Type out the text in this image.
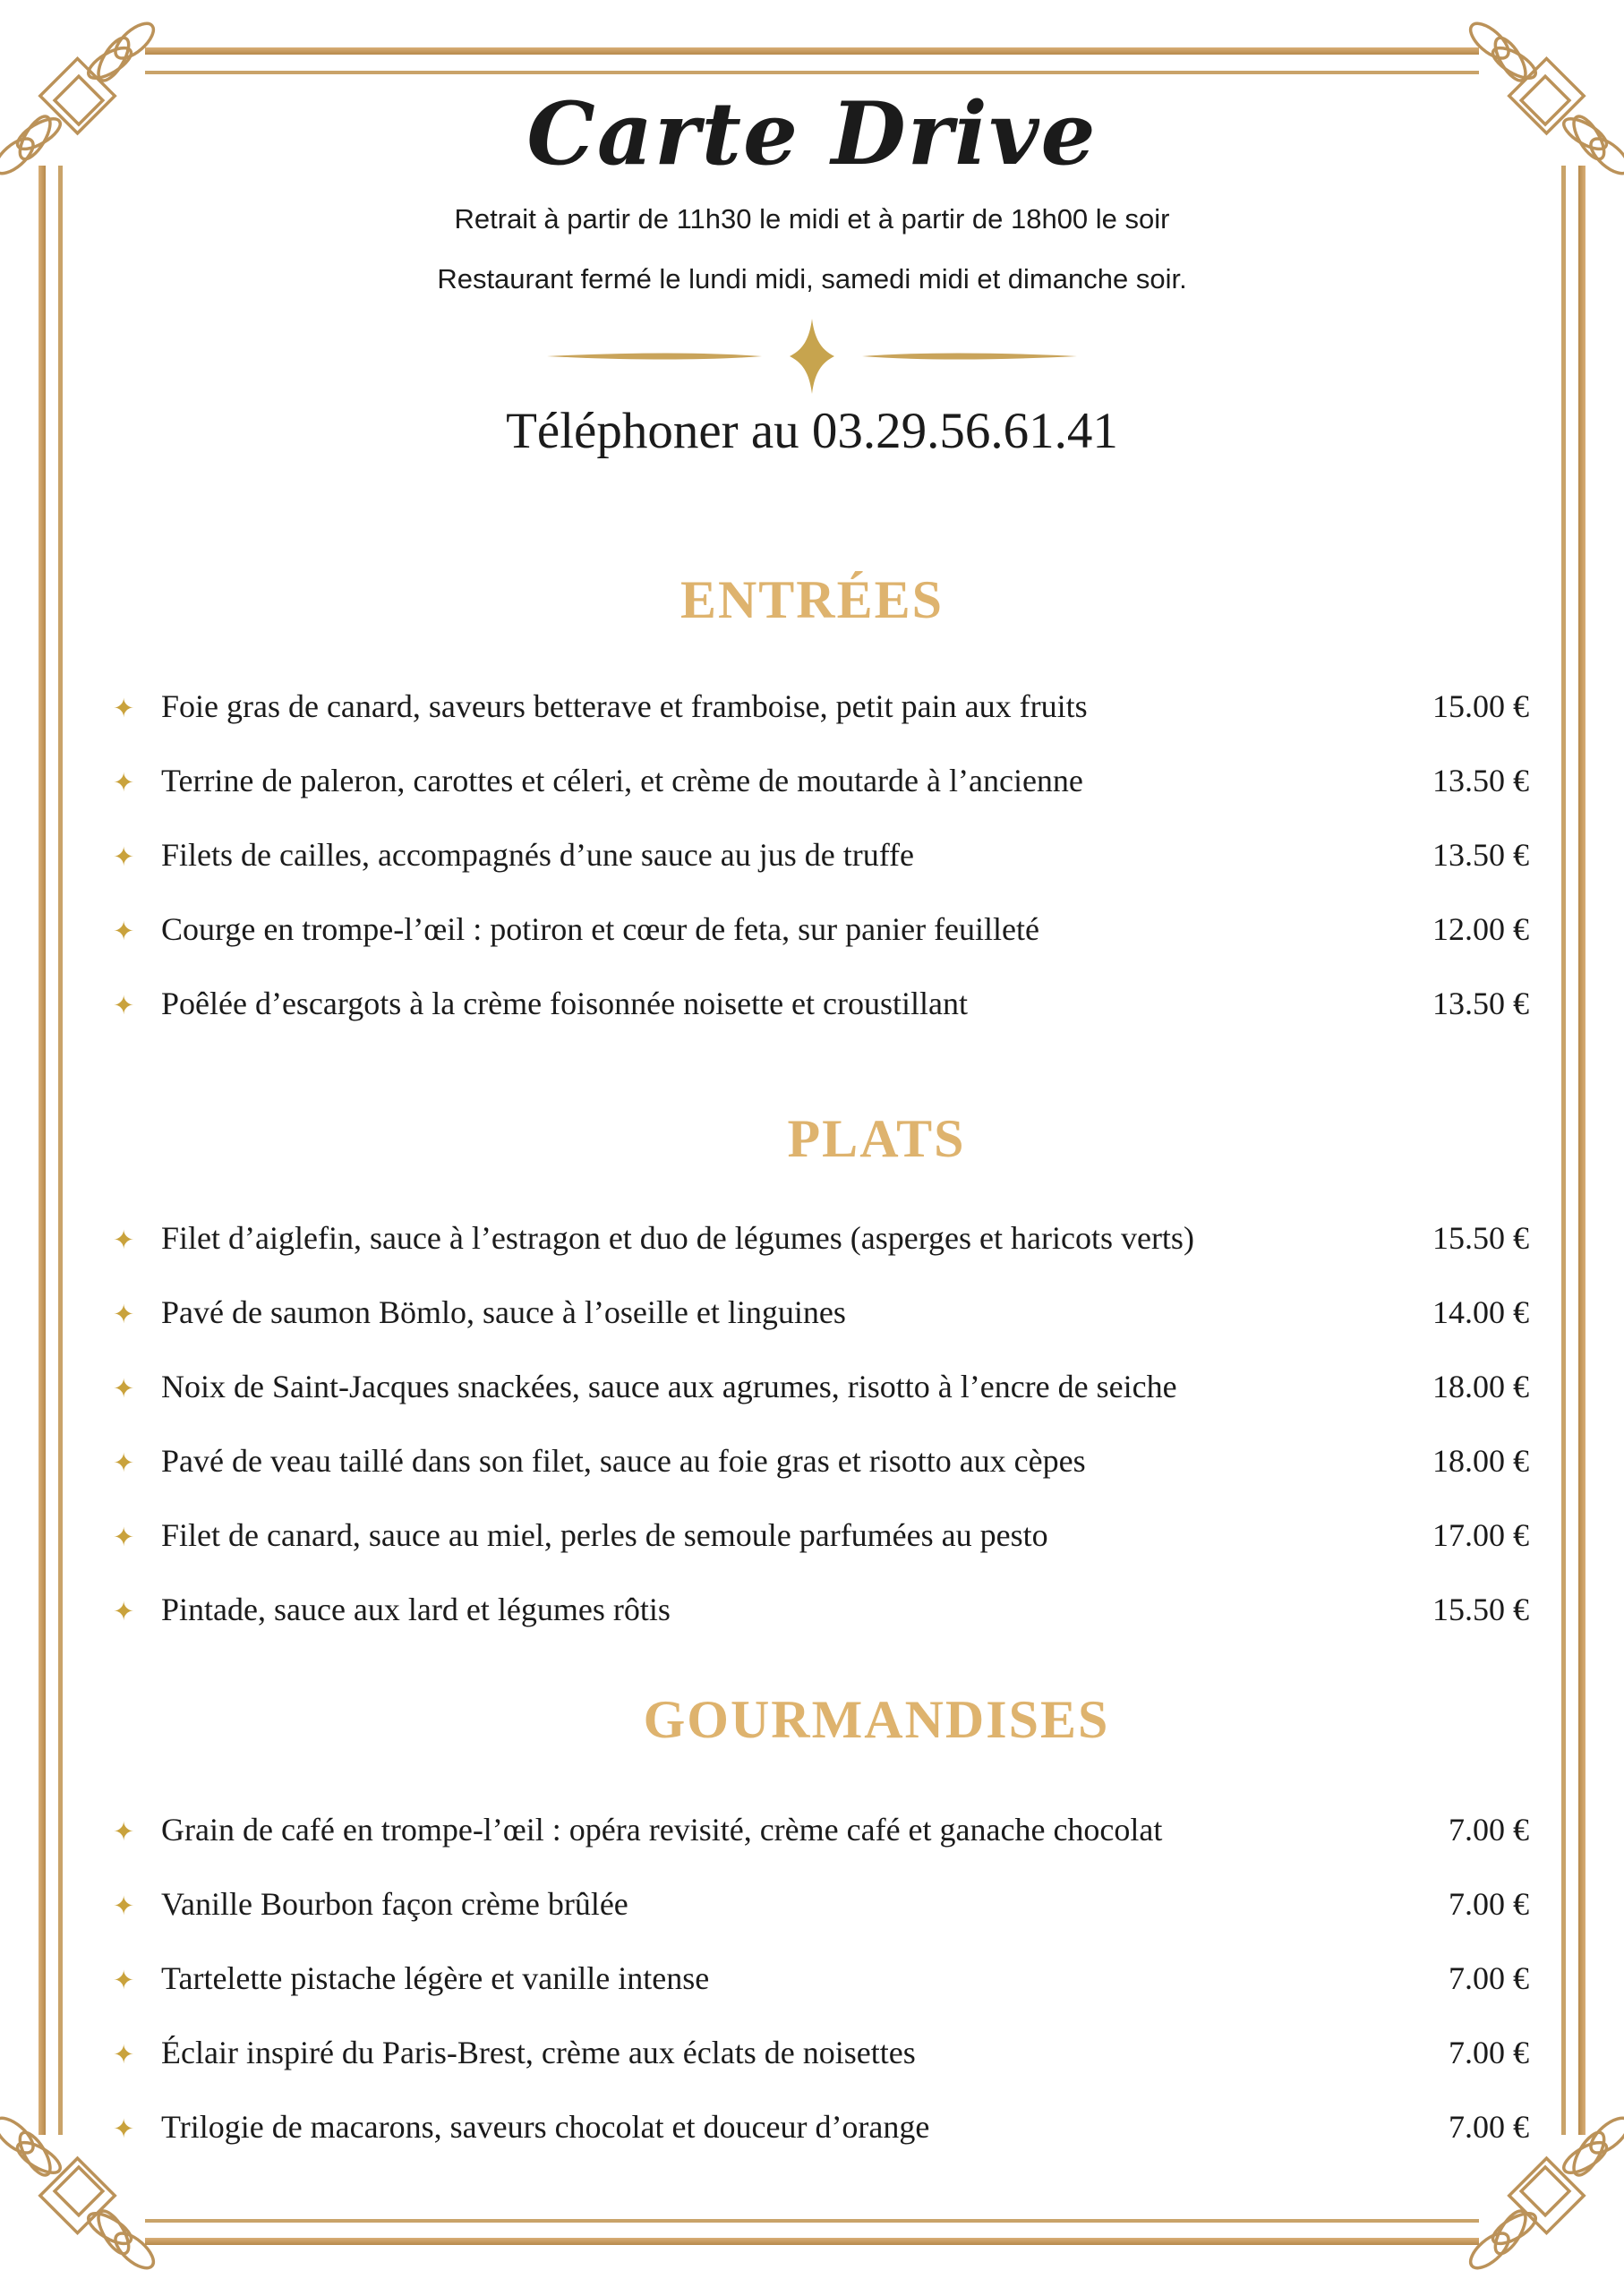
Carte Drive

Retrait à partir de 11h30 le midi et à partir de 18h00 le soir

Restaurant fermé le lundi midi, samedi midi et dimanche soir.

Téléphoner au 03.29.56.61.41
ENTRÉES
✦ Foie gras de canard, saveurs betterave et framboise, petit pain aux fruits	15.00 €
✦ Terrine de paleron, carottes et céleri, et crème de moutarde à l’ancienne	13.50 €
✦ Filets de cailles, accompagnés d’une sauce au jus de truffe	13.50 €
✦ Courge en trompe-l’œil : potiron et cœur de feta, sur panier feuilleté	12.00 €
✦ Poêlée d’escargots à la crème foisonnée noisette et croustillant	13.50 €
PLATS
✦ Filet d’aiglefin, sauce à l’estragon et duo de légumes (asperges et haricots verts)	15.50 €
✦ Pavé de saumon Bömlo, sauce à l’oseille et linguines	14.00 €
✦ Noix de Saint-Jacques snackées, sauce aux agrumes, risotto à l’encre de seiche	18.00 €
✦ Pavé de veau taillé dans son filet, sauce au foie gras et risotto aux cèpes	18.00 €
✦ Filet de canard, sauce au miel, perles de semoule parfumées au pesto	17.00 €
✦ Pintade, sauce aux lard et légumes rôtis	15.50 €
GOURMANDISES
✦ Grain de café en trompe-l’œil : opéra revisité, crème café et ganache chocolat	7.00 €
✦ Vanille Bourbon façon crème brûlée	7.00 €
✦ Tartelette pistache légère et vanille intense	7.00 €
✦ Éclair inspiré du Paris-Brest, crème aux éclats de noisettes	7.00 €
✦ Trilogie de macarons, saveurs chocolat et douceur d’orange	7.00 €
